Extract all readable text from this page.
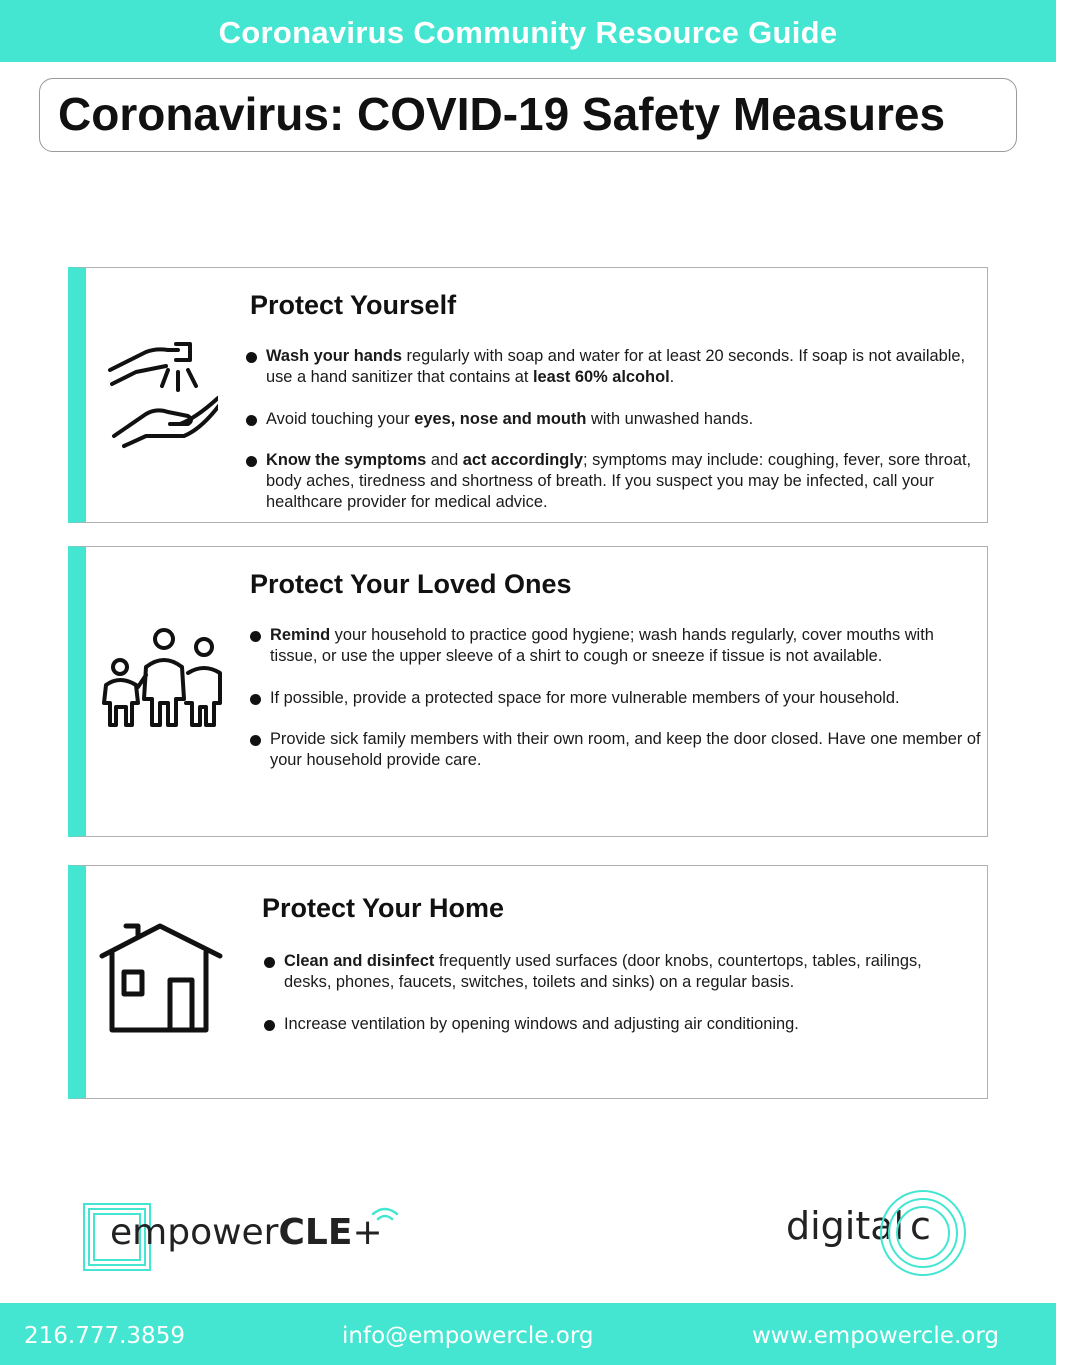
Coronavirus Community Resource Guide
Coronavirus: COVID-19 Safety Measures
Protect Yourself
Wash your hands regularly with soap and water for at least 20 seconds. If soap is not available, use a hand sanitizer that contains at least 60% alcohol.
Avoid touching your eyes, nose and mouth with unwashed hands.
Know the symptoms and act accordingly; symptoms may include: coughing, fever, sore throat, body aches, tiredness and shortness of breath. If you suspect you may be infected, call your healthcare provider for medical advice.
Protect Your Loved Ones
Remind your household to practice good hygiene; wash hands regularly, cover mouths with tissue, or use the upper sleeve of a shirt to cough or sneeze if tissue is not available.
If possible, provide a protected space for more vulnerable members of your household.
Provide sick family members with their own room, and keep the door closed. Have one member of your household provide care.
Protect Your Home
Clean and disinfect frequently used surfaces (door knobs, countertops, tables, railings, desks, phones, faucets, switches, toilets and sinks) on a regular basis.
Increase ventilation by opening windows and adjusting air conditioning.
empowerCLE+	digital c
216.777.3859	info@empowercle.org	www.empowercle.org
